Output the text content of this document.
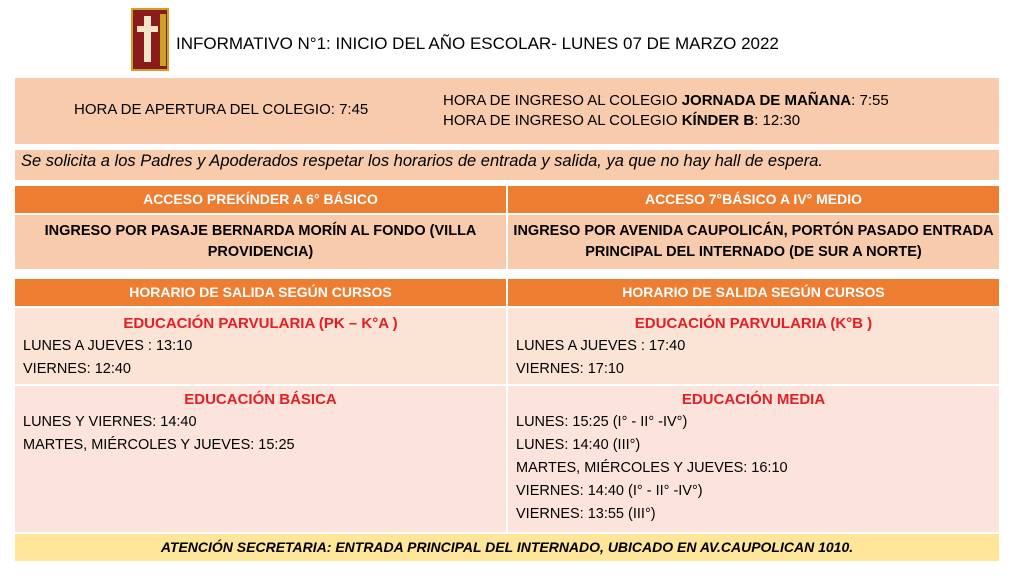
INFORMATIVO N°1: INICIO DEL AÑO ESCOLAR- LUNES 07 DE MARZO 2022
HORA DE APERTURA DEL COLEGIO: 7:45
HORA DE INGRESO AL COLEGIO JORNADA DE MAÑANA: 7:55
HORA DE INGRESO AL COLEGIO KÍNDER B: 12:30
Se solicita a los Padres y Apoderados respetar los horarios de entrada y salida, ya que no hay hall de espera.
ACCESO PREKÍNDER A 6° BÁSICO	ACCESO 7°BÁSICO A IV° MEDIO
INGRESO POR PASAJE BERNARDA MORÍN AL FONDO (VILLA PROVIDENCIA)
INGRESO POR AVENIDA CAUPOLICÁN, PORTÓN PASADO ENTRADA PRINCIPAL DEL INTERNADO (DE SUR A NORTE)
HORARIO DE SALIDA SEGÚN CURSOS	HORARIO DE SALIDA SEGÚN CURSOS
EDUCACIÓN PARVULARIA (PK – K°A )
LUNES A JUEVES : 13:10
VIERNES: 12:40
EDUCACIÓN PARVULARIA (K°B )
LUNES A JUEVES : 17:40
VIERNES: 17:10
EDUCACIÓN BÁSICA
LUNES Y VIERNES: 14:40
MARTES, MIÉRCOLES Y JUEVES: 15:25
EDUCACIÓN MEDIA
LUNES: 15:25 (I° - II° -IV°)
LUNES: 14:40 (III°)
MARTES, MIÉRCOLES Y JUEVES: 16:10
VIERNES: 14:40 (I° - II° -IV°)
VIERNES: 13:55 (III°)
ATENCIÓN SECRETARIA: ENTRADA PRINCIPAL DEL INTERNADO, UBICADO EN AV.CAUPOLICAN 1010.
